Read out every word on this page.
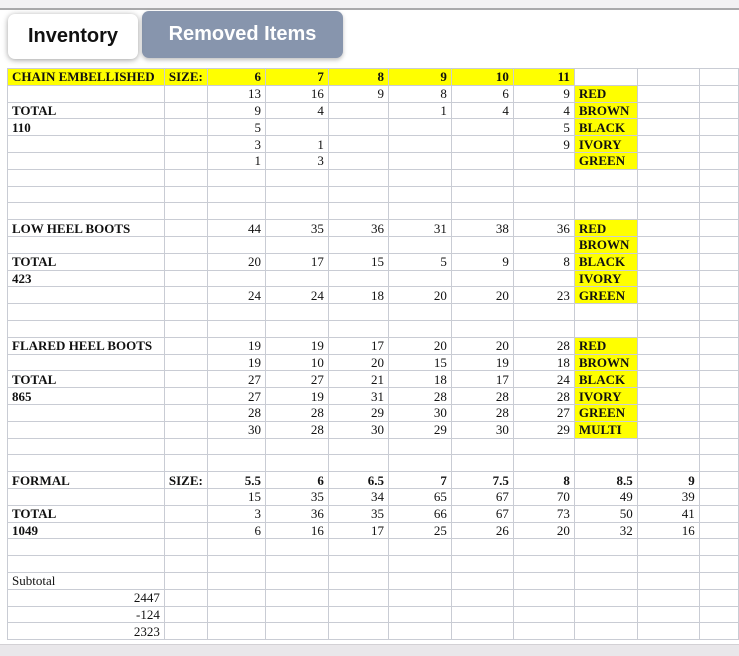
Inventory	Removed Items
CHAIN EMBELLISHED	SIZE:	6	7	8	9	10	11			
		13	16	9	8	6	9	RED		
TOTAL		9	4		1	4	4	BROWN		
110		5					5	BLACK		
		3	1				9	IVORY		
		1	3					GREEN		

LOW HEEL BOOTS		44	35	36	31	38	36	RED		
								BROWN		
TOTAL		20	17	15	5	9	8	BLACK		
423								IVORY		
		24	24	18	20	20	23	GREEN		

FLARED HEEL BOOTS		19	19	17	20	20	28	RED		
		19	10	20	15	19	18	BROWN		
TOTAL		27	27	21	18	17	24	BLACK		
865		27	19	31	28	28	28	IVORY		
		28	28	29	30	28	27	GREEN		
		30	28	30	29	30	29	MULTI		

FORMAL	SIZE:	5.5	6	6.5	7	7.5	8	8.5	9	
		15	35	34	65	67	70	49	39	
TOTAL		3	36	35	66	67	73	50	41	
1049		6	16	17	25	26	20	32	16	

Subtotal										
2447										
-124										
2323										
